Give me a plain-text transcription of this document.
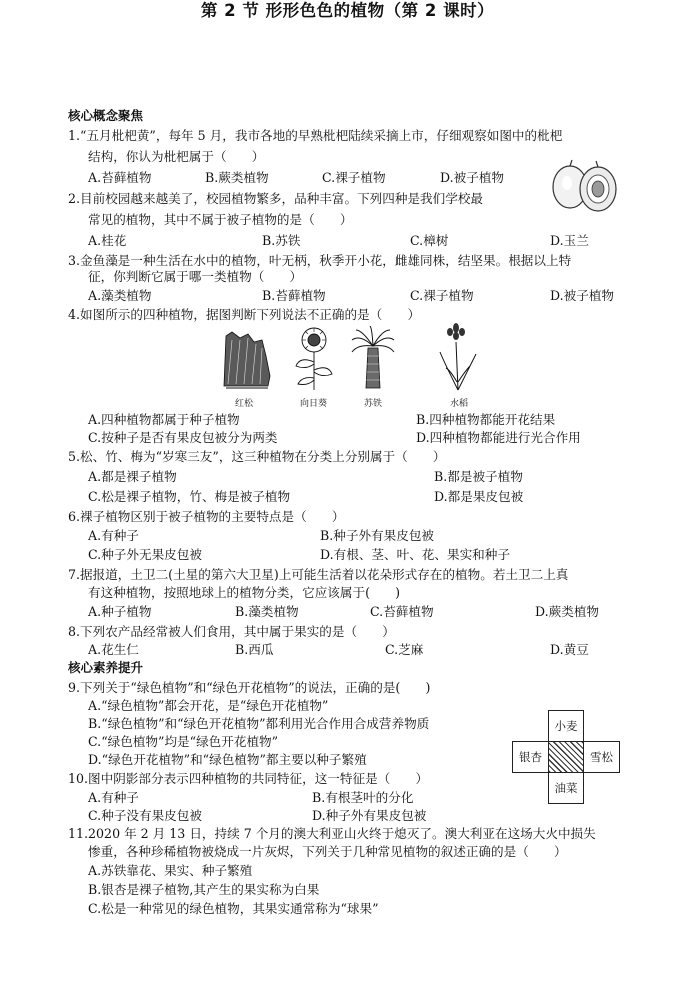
第 2 节 形形色色的植物（第 2 课时）
核心概念聚焦
1.“五月枇杷黄”，每年 5 月，我市各地的早熟枇杷陆续采摘上市，仔细观察如图中的枇杷
结构，你认为枇杷属于（　　）
A.苔藓植物	B.蕨类植物	C.裸子植物	D.被子植物
2.目前校园越来越美了，校园植物繁多，品种丰富。下列四种是我们学校最
常见的植物，其中不属于被子植物的是（　　）
A.桂花	B.苏铁	C.樟树	D.玉兰
3.金鱼藻是一种生活在水中的植物，叶无柄，秋季开小花，雌雄同株，结坚果。根据以上特
征，你判断它属于哪一类植物（　　）
A.藻类植物	B.苔藓植物	C.裸子植物	D.被子植物
4.如图所示的四种植物，据图判断下列说法不正确的是（　　）
红松	向日葵	苏铁	水稻
A.四种植物都属于种子植物	B.四种植物都能开花结果
C.按种子是否有果皮包被分为两类	D.四种植物都能进行光合作用
5.松、竹、梅为“岁寒三友”，这三种植物在分类上分别属于（　　）
A.都是裸子植物	B.都是被子植物
C.松是裸子植物，竹、梅是被子植物	D.都是果皮包被
6.裸子植物区别于被子植物的主要特点是（　　）
A.有种子	B.种子外有果皮包被
C.种子外无果皮包被	D.有根、茎、叶、花、果实和种子
7.据报道，土卫二(土星的第六大卫星)上可能生活着以花朵形式存在的植物。若土卫二上真
有这种植物，按照地球上的植物分类，它应该属于(　　)
A.种子植物	B.藻类植物	C.苔藓植物	D.蕨类植物
8.下列农产品经常被人们食用，其中属于果实的是（　　）
A.花生仁	B.西瓜	C.芝麻	D.黄豆
核心素养提升
9.下列关于“绿色植物”和“绿色开花植物”的说法，正确的是(　　)
A.“绿色植物”都会开花，是“绿色开花植物”
B.“绿色植物”和“绿色开花植物”都利用光合作用合成营养物质
C.“绿色植物”均是“绿色开花植物”
D.“绿色开花植物”和“绿色植物”都主要以种子繁殖
小麦
银杏	雪松
油菜
10.图中阴影部分表示四种植物的共同特征，这一特征是（　　）
A.有种子	B.有根茎叶的分化
C.种子没有果皮包被	D.种子外有果皮包被
11.2020 年 2 月 13 日，持续 7 个月的澳大利亚山火终于熄灭了。澳大利亚在这场大火中损失
惨重，各种珍稀植物被烧成一片灰烬，下列关于几种常见植物的叙述正确的是（　　）
A.苏铁靠花、果实、种子繁殖
B.银杏是裸子植物,其产生的果实称为白果
C.松是一种常见的绿色植物，其果实通常称为“球果”
